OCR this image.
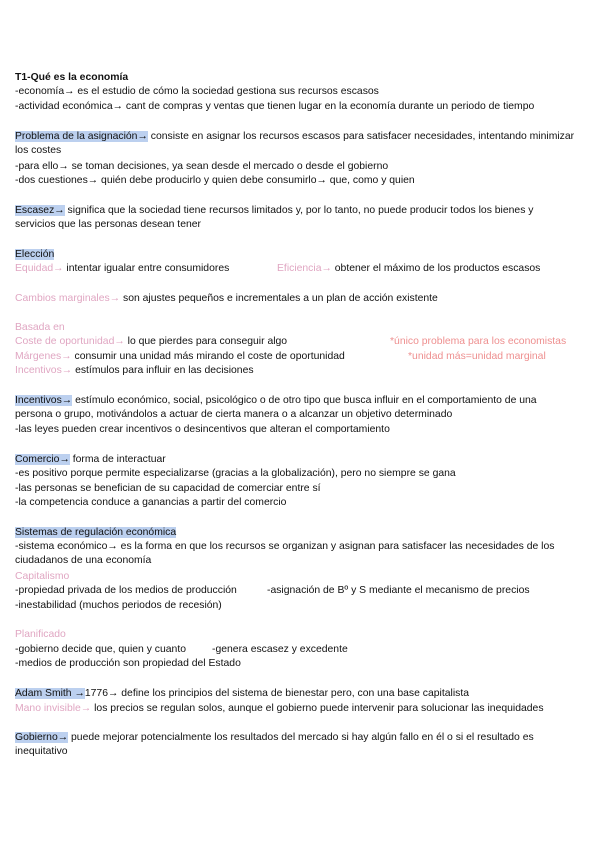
T1-Qué es la economía
-economía→ es el estudio de cómo la sociedad gestiona sus recursos escasos
-actividad económica→ cant de compras y ventas que tienen lugar en la economía durante un periodo de tiempo
Problema de la asignación→ consiste en asignar los recursos escasos para satisfacer necesidades, intentando minimizar los costes
-para ello→ se toman decisiones, ya sean desde el mercado o desde el gobierno
-dos cuestiones→ quién debe producirlo y quien debe consumirlo→ que, como y quien
Escasez→ significa que la sociedad tiene recursos limitados y, por lo tanto, no puede producir todos los bienes y servicios que las personas desean tener
Elección
Equidad→ intentar igualar entre consumidores	Eficiencia→ obtener el máximo de los productos escasos
Cambios marginales→ son ajustes pequeños e incrementales a un plan de acción existente
Basada en
Coste de oportunidad→ lo que pierdes para conseguir algo	*único problema para los economistas
Márgenes→ consumir una unidad más mirando el coste de oportunidad	*unidad más=unidad marginal
Incentivos→ estímulos para influir en las decisiones
Incentivos→ estímulo económico, social, psicológico o de otro tipo que busca influir en el comportamiento de una persona o grupo, motivándolos a actuar de cierta manera o a alcanzar un objetivo determinado
-las leyes pueden crear incentivos o desincentivos que alteran el comportamiento
Comercio→ forma de interactuar
-es positivo porque permite especializarse (gracias a la globalización), pero no siempre se gana
-las personas se benefician de su capacidad de comerciar entre sí
-la competencia conduce a ganancias a partir del comercio
Sistemas de regulación económica
-sistema económico→ es la forma en que los recursos se organizan y asignan para satisfacer las necesidades de los ciudadanos de una economía
Capitalismo
-propiedad privada de los medios de producción	-asignación de Bº y S mediante el mecanismo de precios
-inestabilidad (muchos periodos de recesión)
Planificado
-gobierno decide que, quien y cuanto	-genera escasez y excedente
-medios de producción son propiedad del Estado
Adam Smith →1776→ define los principios del sistema de bienestar pero, con una base capitalista
Mano invisible→ los precios se regulan solos, aunque el gobierno puede intervenir para solucionar las inequidades
Gobierno→ puede mejorar potencialmente los resultados del mercado si hay algún fallo en él o si el resultado es inequitativo
